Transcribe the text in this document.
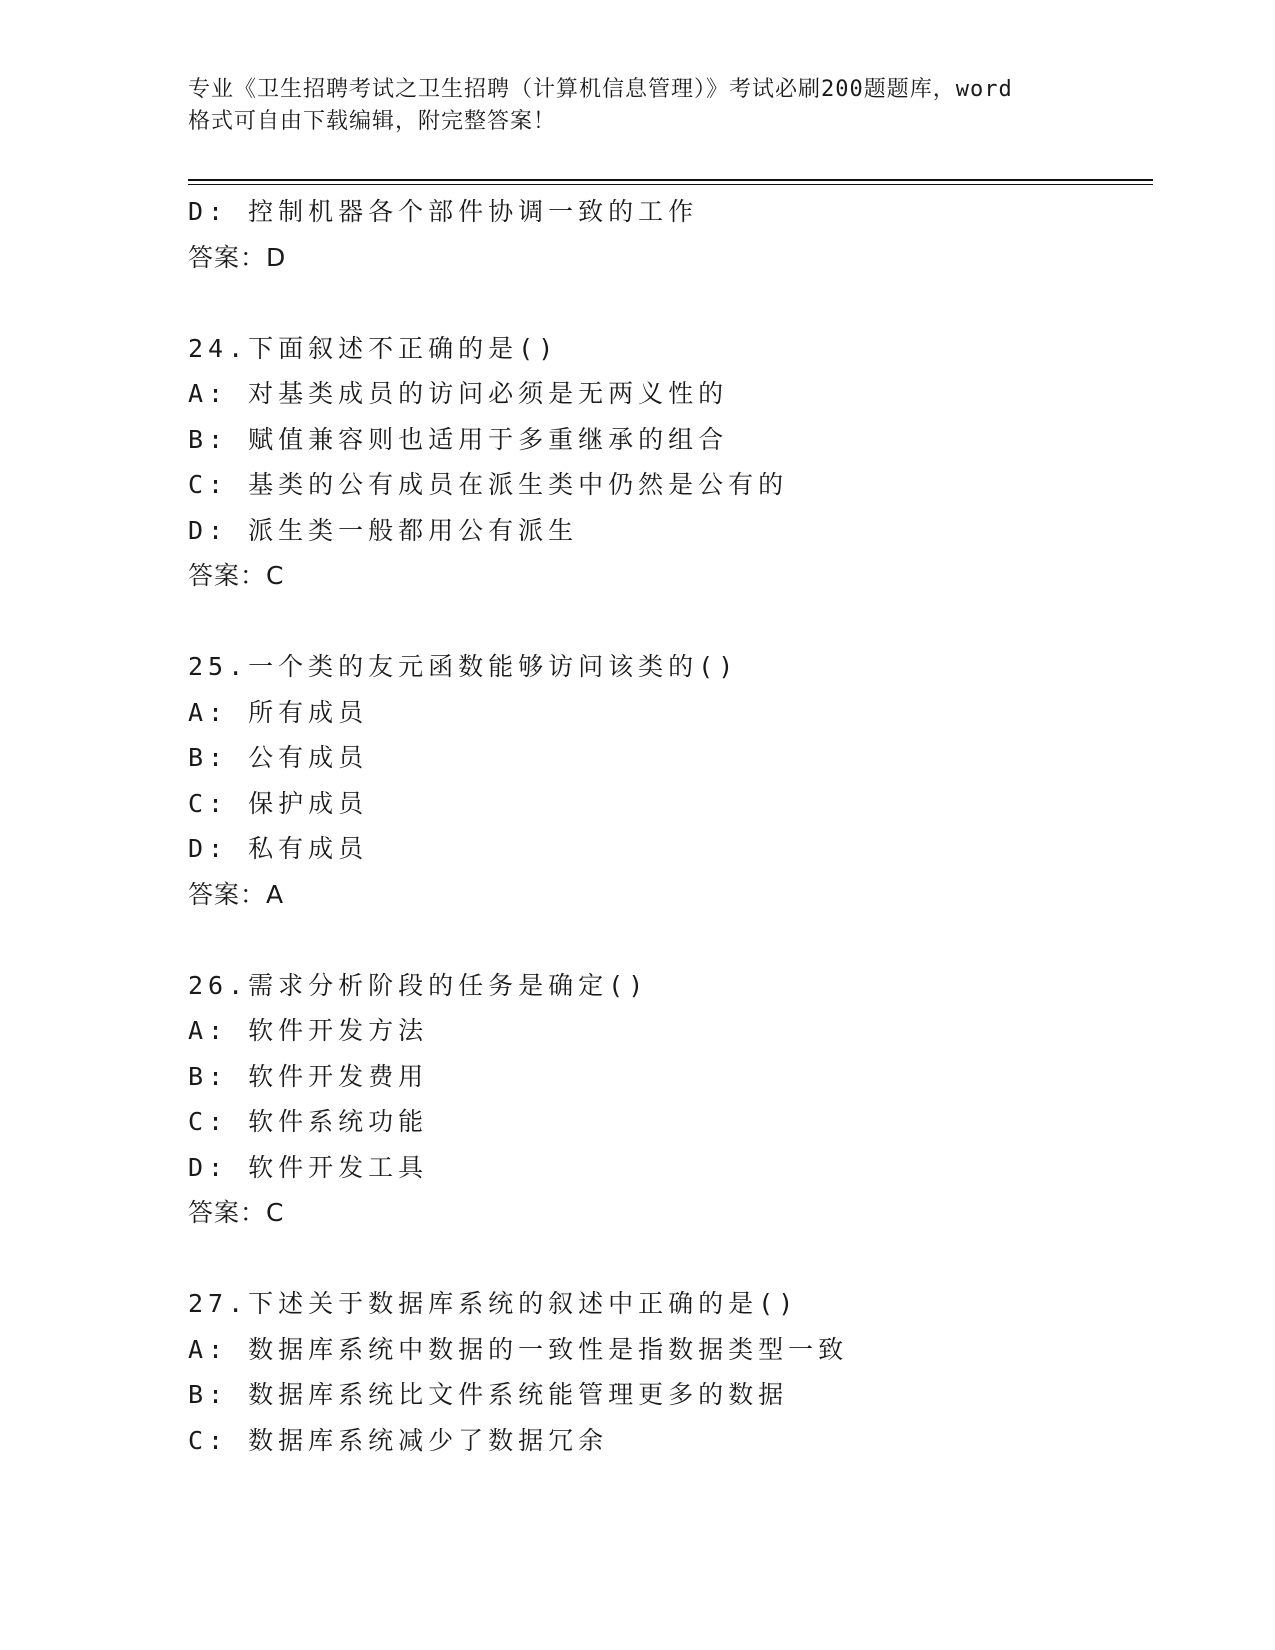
专业《卫生招聘考试之卫生招聘（计算机信息管理）》考试必刷200题题库，word
格式可自由下载编辑，附完整答案！
D: 控制机器各个部件协调一致的工作
答案：D
24.下面叙述不正确的是()
A: 对基类成员的访问必须是无两义性的
B: 赋值兼容则也适用于多重继承的组合
C: 基类的公有成员在派生类中仍然是公有的
D: 派生类一般都用公有派生
答案：C
25.一个类的友元函数能够访问该类的()
A: 所有成员
B: 公有成员
C: 保护成员
D: 私有成员
答案：A
26.需求分析阶段的任务是确定()
A: 软件开发方法
B: 软件开发费用
C: 软件系统功能
D: 软件开发工具
答案：C
27.下述关于数据库系统的叙述中正确的是()
A: 数据库系统中数据的一致性是指数据类型一致
B: 数据库系统比文件系统能管理更多的数据
C: 数据库系统减少了数据冗余
